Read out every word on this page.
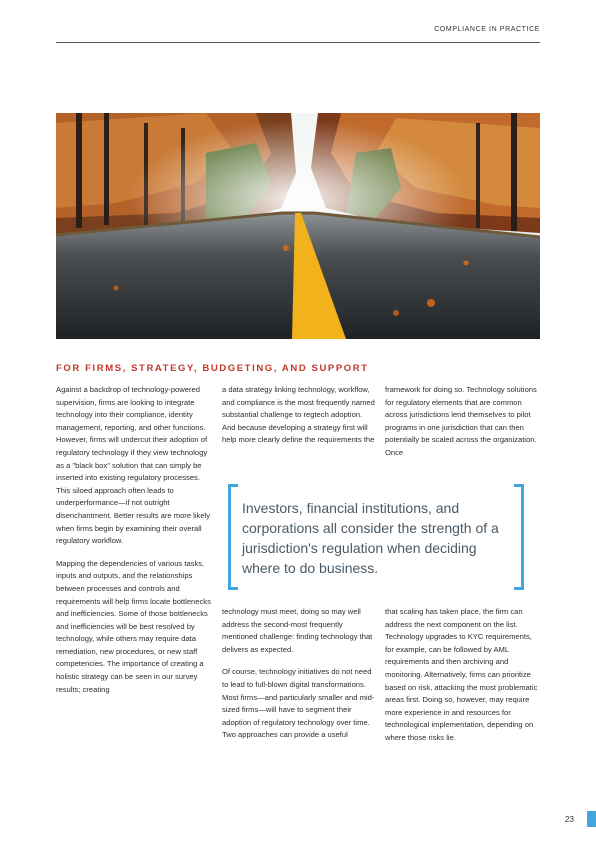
COMPLIANCE IN PRACTICE
FOR FIRMS, STRATEGY, BUDGETING, AND SUPPORT

Against a backdrop of technology-powered supervision, firms are looking to integrate technology into their compliance, identity management, reporting, and other functions. However, firms will undercut their adoption of regulatory technology if they view technology as a "black box" solution that can simply be inserted into existing regulatory processes. This siloed approach often leads to underperformance—if not outright disenchantment. Better results are more likely when firms begin by examining their overall regulatory workflow.

Mapping the dependencies of various tasks, inputs and outputs, and the relationships between processes and controls and requirements will help firms locate bottlenecks and inefficiencies. Some of those bottlenecks and inefficiencies will be best resolved by technology, while others may require data remediation, new procedures, or new staff competencies. The importance of creating a holistic strategy can be seen in our survey results; creating

a data strategy linking technology, workflow, and compliance is the most frequently named substantial challenge to regtech adoption. And because developing a strategy first will help more clearly define the requirements the

framework for doing so. Technology solutions for regulatory elements that are common across jurisdictions lend themselves to pilot programs in one jurisdiction that can then potentially be scaled across the organization. Once

Investors, financial institutions, and corporations all consider the strength of a jurisdiction's regulation when deciding where to do business.

technology must meet, doing so may well address the second-most frequently mentioned challenge: finding technology that delivers as expected.

Of course, technology initiatives do not need to lead to full-blown digital transformations. Most firms—and particularly smaller and mid-sized firms—will have to segment their adoption of regulatory technology over time. Two approaches can provide a useful

that scaling has taken place, the firm can address the next component on the list. Technology upgrades to KYC requirements, for example, can be followed by AML requirements and then archiving and monitoring. Alternatively, firms can prioritize based on risk, attacking the most problematic areas first. Doing so, however, may require more experience in and resources for technological implementation, depending on where those risks lie.

23
